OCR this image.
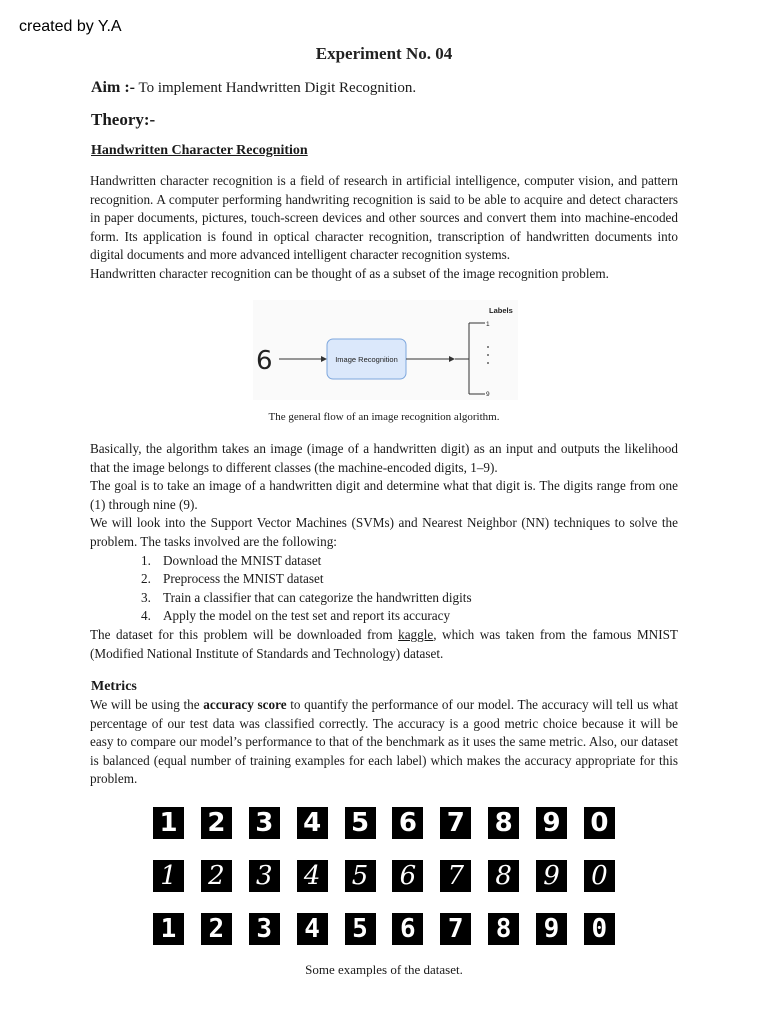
created by Y.A
Experiment No. 04
Aim :- To implement Handwritten Digit Recognition.
Theory:-
Handwritten Character Recognition

Handwritten character recognition is a field of research in artificial intelligence, computer vision, and pattern recognition. A computer performing handwriting recognition is said to be able to acquire and detect characters in paper documents, pictures, touch-screen devices and other sources and convert them into machine-encoded form. Its application is found in optical character recognition, transcription of handwritten documents into digital documents and more advanced intelligent character recognition systems.

Handwritten character recognition can be thought of as a subset of the image recognition problem.

6	Image Recognition
Labels
1
9
The general flow of an image recognition algorithm.

Basically, the algorithm takes an image (image of a handwritten digit) as an input and outputs the likelihood that the image belongs to different classes (the machine-encoded digits, 1–9).

The goal is to take an image of a handwritten digit and determine what that digit is. The digits range from one (1) through nine (9).

We will look into the Support Vector Machines (SVMs) and Nearest Neighbor (NN) techniques to solve the problem. The tasks involved are the following:

1. Download the MNIST dataset
2. Preprocess the MNIST dataset
3. Train a classifier that can categorize the handwritten digits
4. Apply the model on the test set and report its accuracy

The dataset for this problem will be downloaded from kaggle, which was taken from the famous MNIST (Modified National Institute of Standards and Technology) dataset.

Metrics

We will be using the accuracy score to quantify the performance of our model. The accuracy will tell us what percentage of our test data was classified correctly. The accuracy is a good metric choice because it will be easy to compare our model’s performance to that of the benchmark as it uses the same metric. Also, our dataset is balanced (equal number of training examples for each label) which makes the accuracy appropriate for this problem.

1 2 3 4 5 6 7 8 9 0
1 2 3 4 5 6 7 8 9 0
1 2 3 4 5 6 7 8 9 0
Some examples of the dataset.
